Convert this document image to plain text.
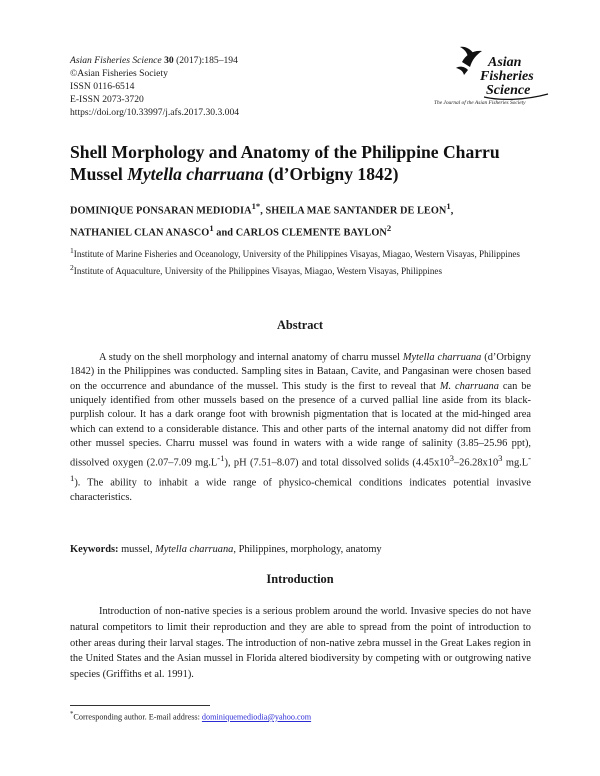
Asian Fisheries Science 30 (2017):185–194
©Asian Fisheries Society
ISSN 0116-6514
E-ISSN 2073-3720
https://doi.org/10.33997/j.afs.2017.30.3.004
Asian
Fisheries
Science
The Journal of the Asian Fisheries Society
Shell Morphology and Anatomy of the Philippine Charru
Mussel Mytella charruana (d’Orbigny 1842)
DOMINIQUE PONSARAN $MEDIODIA^{1*}$, SHEILA MAE SANTANDER DE LEON$^1$,
NATHANIEL CLAN ANASCO$^1$ and CARLOS CLEMENTE BAYLON$^2$
$^1$Institute of Marine Fisheries and Oceanology, University of the Philippines Visayas, Miagao, Western Visayas, Philippines
$^2$Institute of Aquaculture, University of the Philippines Visayas, Miagao, Western Visayas, Philippines
Abstract
A study on the shell morphology and internal anatomy of charru mussel Mytella charruana (d’Orbigny 1842) in the Philippines was conducted. Sampling sites in Bataan, Cavite, and Pangasinan were chosen based on the occurrence and abundance of the mussel. This study is the first to reveal that M. charruana can be uniquely identified from other mussels based on the presence of a curved pallial line aside from its black-purplish colour. It has a dark orange foot with brownish pigmentation that is located at the mid-hinged area which can extend to a considerable distance. This and other parts of the internal anatomy did not differ from other mussel species. Charru mussel was found in waters with a wide range of salinity (3.85–25.96 ppt), dissolved oxygen (2.07–7.09 $mg.L^{-1}$), pH (7.51–8.07) and total dissolved solids ($4.45x10^3-26.28x10^3$ $mg.L^{-1}$). The ability to inhabit a wide range of physico-chemical conditions indicates potential invasive characteristics.
Keywords: mussel, Mytella charruana, Philippines, morphology, anatomy
Introduction
Introduction of non-native species is a serious problem around the world. Invasive species do not have natural competitors to limit their reproduction and they are able to spread from the point of introduction to other areas during their larval stages. The introduction of non-native zebra mussel in the Great Lakes region in the United States and the Asian mussel in Florida altered biodiversity by competing with or outgrowing native species (Griffiths et al. 1991).
*Corresponding author. E-mail address: dominiquemediodia@yahoo.com
